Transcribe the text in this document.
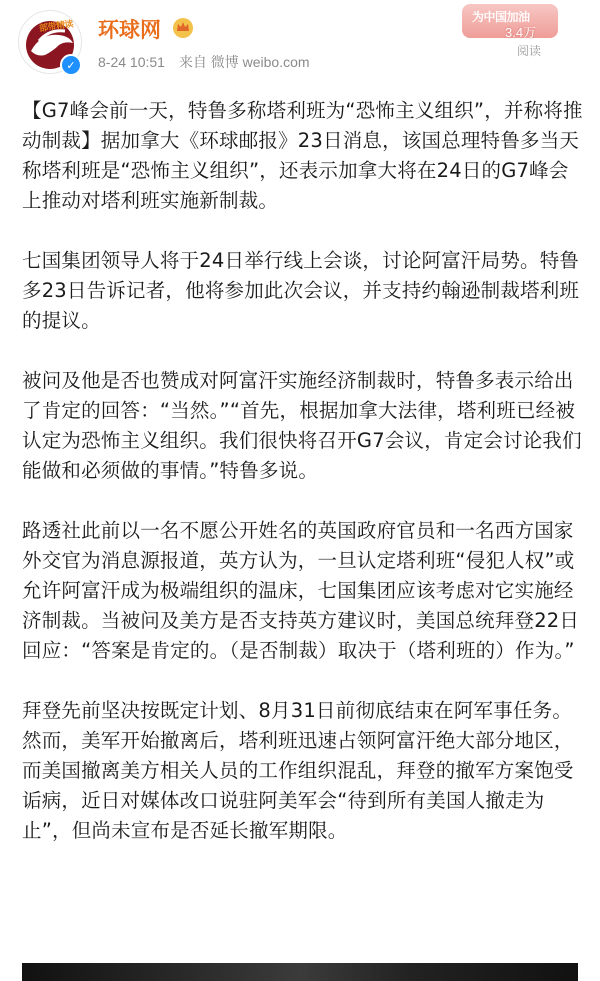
部带精读
✓
环球网
8-24 10:51 来自 微博 weibo.com
为中国加油
3.4万
阅读

【G7峰会前一天，特鲁多称塔利班为“恐怖主义组织”，并称将推动制裁】据加拿大《环球邮报》23日消息，该国总理特鲁多当天称塔利班是“恐怖主义组织”，还表示加拿大将在24日的G7峰会上推动对塔利班实施新制裁。

七国集团领导人将于24日举行线上会谈，讨论阿富汗局势。特鲁多23日告诉记者，他将参加此次会议，并支持约翰逊制裁塔利班的提议。

被问及他是否也赞成对阿富汗实施经济制裁时，特鲁多表示给出了肯定的回答：“当然。”“首先，根据加拿大法律，塔利班已经被认定为恐怖主义组织。我们很快将召开G7会议，肯定会讨论我们能做和必须做的事情。”特鲁多说。

路透社此前以一名不愿公开姓名的英国政府官员和一名西方国家外交官为消息源报道，英方认为，一旦认定塔利班“侵犯人权”或允许阿富汗成为极端组织的温床，七国集团应该考虑对它实施经济制裁。当被问及美方是否支持英方建议时，美国总统拜登22日回应：“答案是肯定的。（是否制裁）取决于（塔利班的）作为。”

拜登先前坚决按既定计划、8月31日前彻底结束在阿军事任务。然而，美军开始撤离后，塔利班迅速占领阿富汗绝大部分地区，而美国撤离美方相关人员的工作组织混乱，拜登的撤军方案饱受诟病，近日对媒体改口说驻阿美军会“待到所有美国人撤走为止”，但尚未宣布是否延长撤军期限。
